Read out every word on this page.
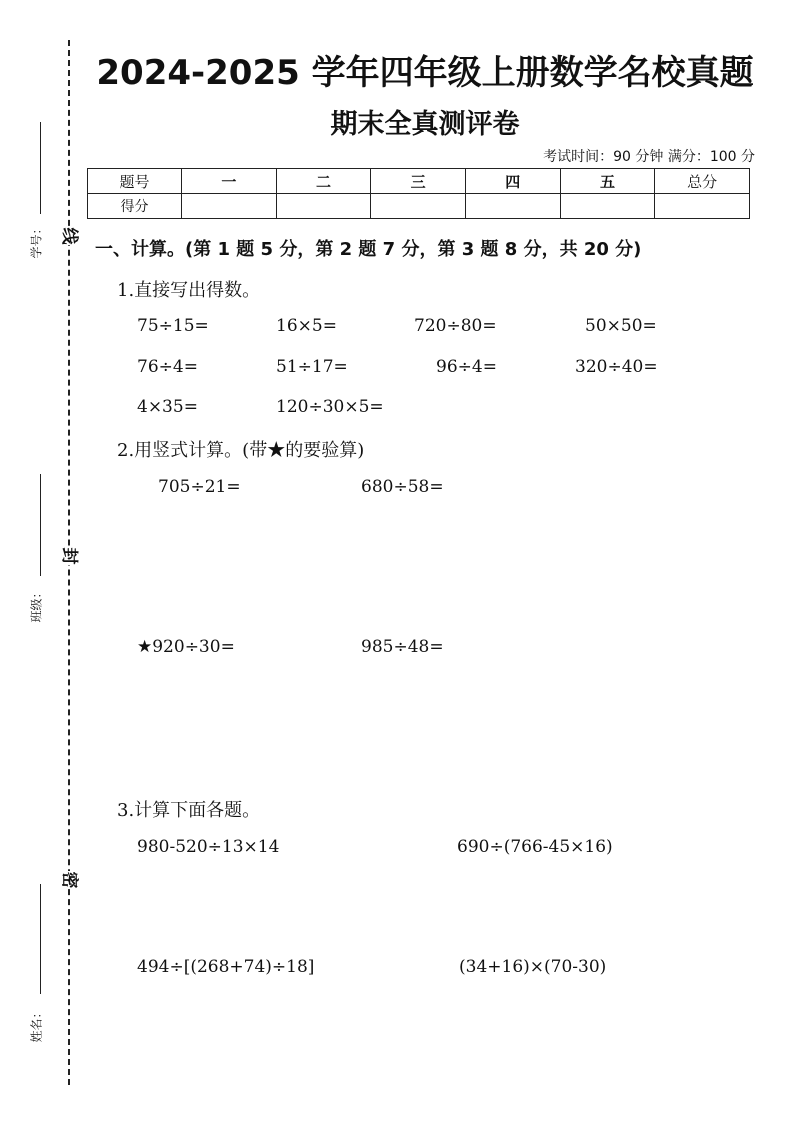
线
封
密
学号：
班级：
姓名：
2024-2025 学年四年级上册数学名校真题
期末全真测评卷
考试时间：90 分钟 满分：100 分
题号	一	二	三	四	五	总分
得分						
一、计算。(第 1 题 5 分，第 2 题 7 分，第 3 题 8 分，共 20 分)
1.直接写出得数。
75÷15=	16×5=	720÷80=	50×50=
76÷4=	51÷17=	96÷4=	320÷40=
4×35=	120÷30×5=
2.用竖式计算。(带★的要验算)
705÷21=	680÷58=
★920÷30=	985÷48=
3.计算下面各题。
980-520÷13×14	690÷(766-45×16)
494÷[(268+74)÷18]	(34+16)×(70-30)
